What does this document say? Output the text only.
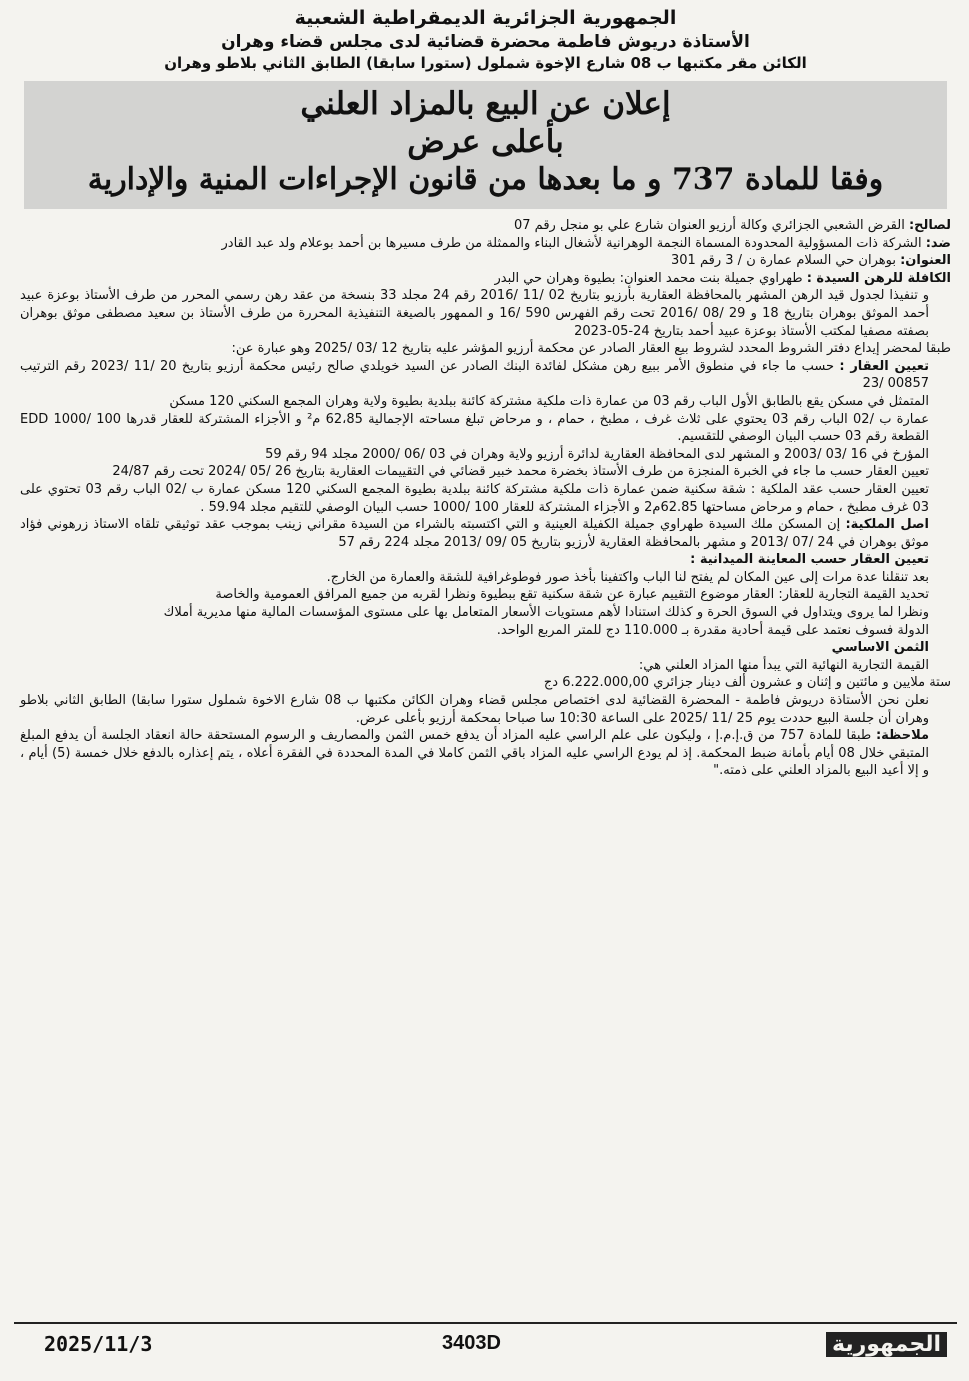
الجمهورية الجزائرية الديمقراطية الشعبية
الأستاذة دريوش فاطمة محضرة قضائية لدى مجلس قضاء وهران
الكائن مقر مكتبها ب 08 شارع الإخوة شملول (ستورا سابقا) الطابق الثاني بلاطو وهران
إعلان عن البيع بالمزاد العلني
بأعلى عرض
وفقا للمادة 737 و ما بعدها من قانون الإجراءات المنية والإدارية

لصالح: القرض الشعبي الجزائري وكالة أرزيو العنوان شارع علي بو منجل رقم 07

ضد: الشركة ذات المسؤولية المحدودة المسماة النجمة الوهرانية لأشغال البناء والممثلة من طرف مسيرها بن أحمد بوعلام ولد عبد القادر

العنوان: بوهران حي السلام عمارة ن / 3 رقم 301

الكافلة للرهن السيدة : طهراوي جميلة بنت محمد العنوان: بطيوة وهران حي البدر

و تنفيذا لجدول قيد الرهن المشهر بالمحافظة العقارية بأرزيو بتاريخ 02 /11 /2016 رقم 24 مجلد 33 بنسخة من عقد رهن رسمي المحرر من طرف الأستاذ بوعزة عبيد أحمد الموثق بوهران بتاريخ 18 و 29 /08 /2016 تحت رقم الفهرس 590 /16 و الممهور بالصيغة التنفيذية المحررة من طرف الأستاذ بن سعيد مصطفى موثق بوهران بصفته مصفيا لمكتب الأستاذ بوعزة عبيد أحمد بتاريخ 24-05-2023

طبقا لمحضر إيداع دفتر الشروط المحدد لشروط بيع العقار الصادر عن محكمة أرزيو المؤشر عليه بتاريخ 12 /03 /2025 وهو عبارة عن:

تعيين العقار : حسب ما جاء في منطوق الأمر ببيع رهن مشكل لفائدة البنك الصادر عن السيد خويلدي صالح رئيس محكمة أرزيو بتاريخ 20 /11 /2023 رقم الترتيب 00857 /23

المتمثل في مسكن يقع بالطابق الأول الباب رقم 03 من عمارة ذات ملكية مشتركة كائنة ببلدية بطيوة ولاية وهران المجمع السكني 120 مسكن

عمارة ب /02 الباب رقم 03 يحتوي على ثلاث غرف ، مطبخ ، حمام ، و مرحاض تبلغ مساحته الإجمالية 62،85 م² و الأجزاء المشتركة للعقار قدرها 100 /1000 EDD القطعة رقم 03 حسب البيان الوصفي للتقسيم.

المؤرخ في 16 /03 /2003 و المشهر لدى المحافظة العقارية لدائرة أرزيو ولاية وهران في 03 /06 /2000 مجلد 94 رقم 59

تعيين العقار حسب ما جاء في الخبرة المنجزة من طرف الأستاذ بخضرة محمد خبير قضائي في التقييمات العقارية بتاريخ 26 /05 /2024 تحت رقم 24/87

تعيين العقار حسب عقد الملكية : شقة سكنية ضمن عمارة ذات ملكية مشتركة كائنة ببلدية بطيوة المجمع السكني 120 مسكن عمارة ب /02 الباب رقم 03 تحتوي على 03 غرف مطبخ ، حمام و مرحاض مساحتها 62.85م2 و الأجزاء المشتركة للعقار 100 /1000 حسب البيان الوصفي للتقيم مجلد 59.94 .

اصل الملكية: إن المسكن ملك السيدة طهراوي جميلة الكفيلة العينية و التي اكتسبته بالشراء من السيدة مقراني زينب بموجب عقد توثيقي تلقاه الاستاذ زرهوني فؤاد موثق بوهران في 24 /07 /2013 و مشهر بالمحافظة العقارية لأرزيو بتاريخ 05 /09 /2013 مجلد 224 رقم 57

تعيين العقار حسب المعاينة الميدانية :

بعد تنقلنا عدة مرات إلى عين المكان لم يفتح لنا الباب واكتفينا بأخذ صور فوطوغرافية للشقة والعمارة من الخارج.

تحديد القيمة التجارية للعقار: العقار موضوع التقييم عبارة عن شقة سكنية تقع ببطيوة ونظرا لقربه من جميع المرافق العمومية والخاصة

ونظرا لما يروى ويتداول في السوق الحرة و كذلك استنادا لأهم مستويات الأسعار المتعامل بها على مستوى المؤسسات المالية منها مديرية أملاك

الدولة فسوف نعتمد على قيمة أحادية مقدرة بـ 110.000 دج للمتر المربع الواحد.

الثمن الاساسي

القيمة التجارية النهائية التي يبدأ منها المزاد العلني هي:

ستة ملايين و مائتين و إثنان و عشرون ألف دينار جزائري 6.222.000,00 دج

نعلن نحن الأستاذة دريوش فاطمة - المحضرة القضائية لدى اختصاص مجلس قضاء وهران الكائن مكتبها ب 08 شارع الاخوة شملول ستورا سابقا) الطابق الثاني بلاطو وهران أن جلسة البيع حددت يوم 25 /11 /2025 على الساعة 10:30 سا صباحا بمحكمة أرزيو بأعلى عرض.

ملاحظة: طبقا للمادة 757 من ق.إ.م.إ ، وليكون على علم الراسي عليه المزاد أن يدفع خمس الثمن والمصاريف و الرسوم المستحقة حالة انعقاد الجلسة أن يدفع المبلغ المتبقي خلال 08 أيام بأمانة ضبط المحكمة. إذ لم يودع الراسي عليه المزاد باقي الثمن كاملا في المدة المحددة في الفقرة أعلاه ، يتم إعذاره بالدفع خلال خمسة (5) أيام ، و إلا أعيد البيع بالمزاد العلني على ذمته."

2025/11/3	3403D	الجمهورية
